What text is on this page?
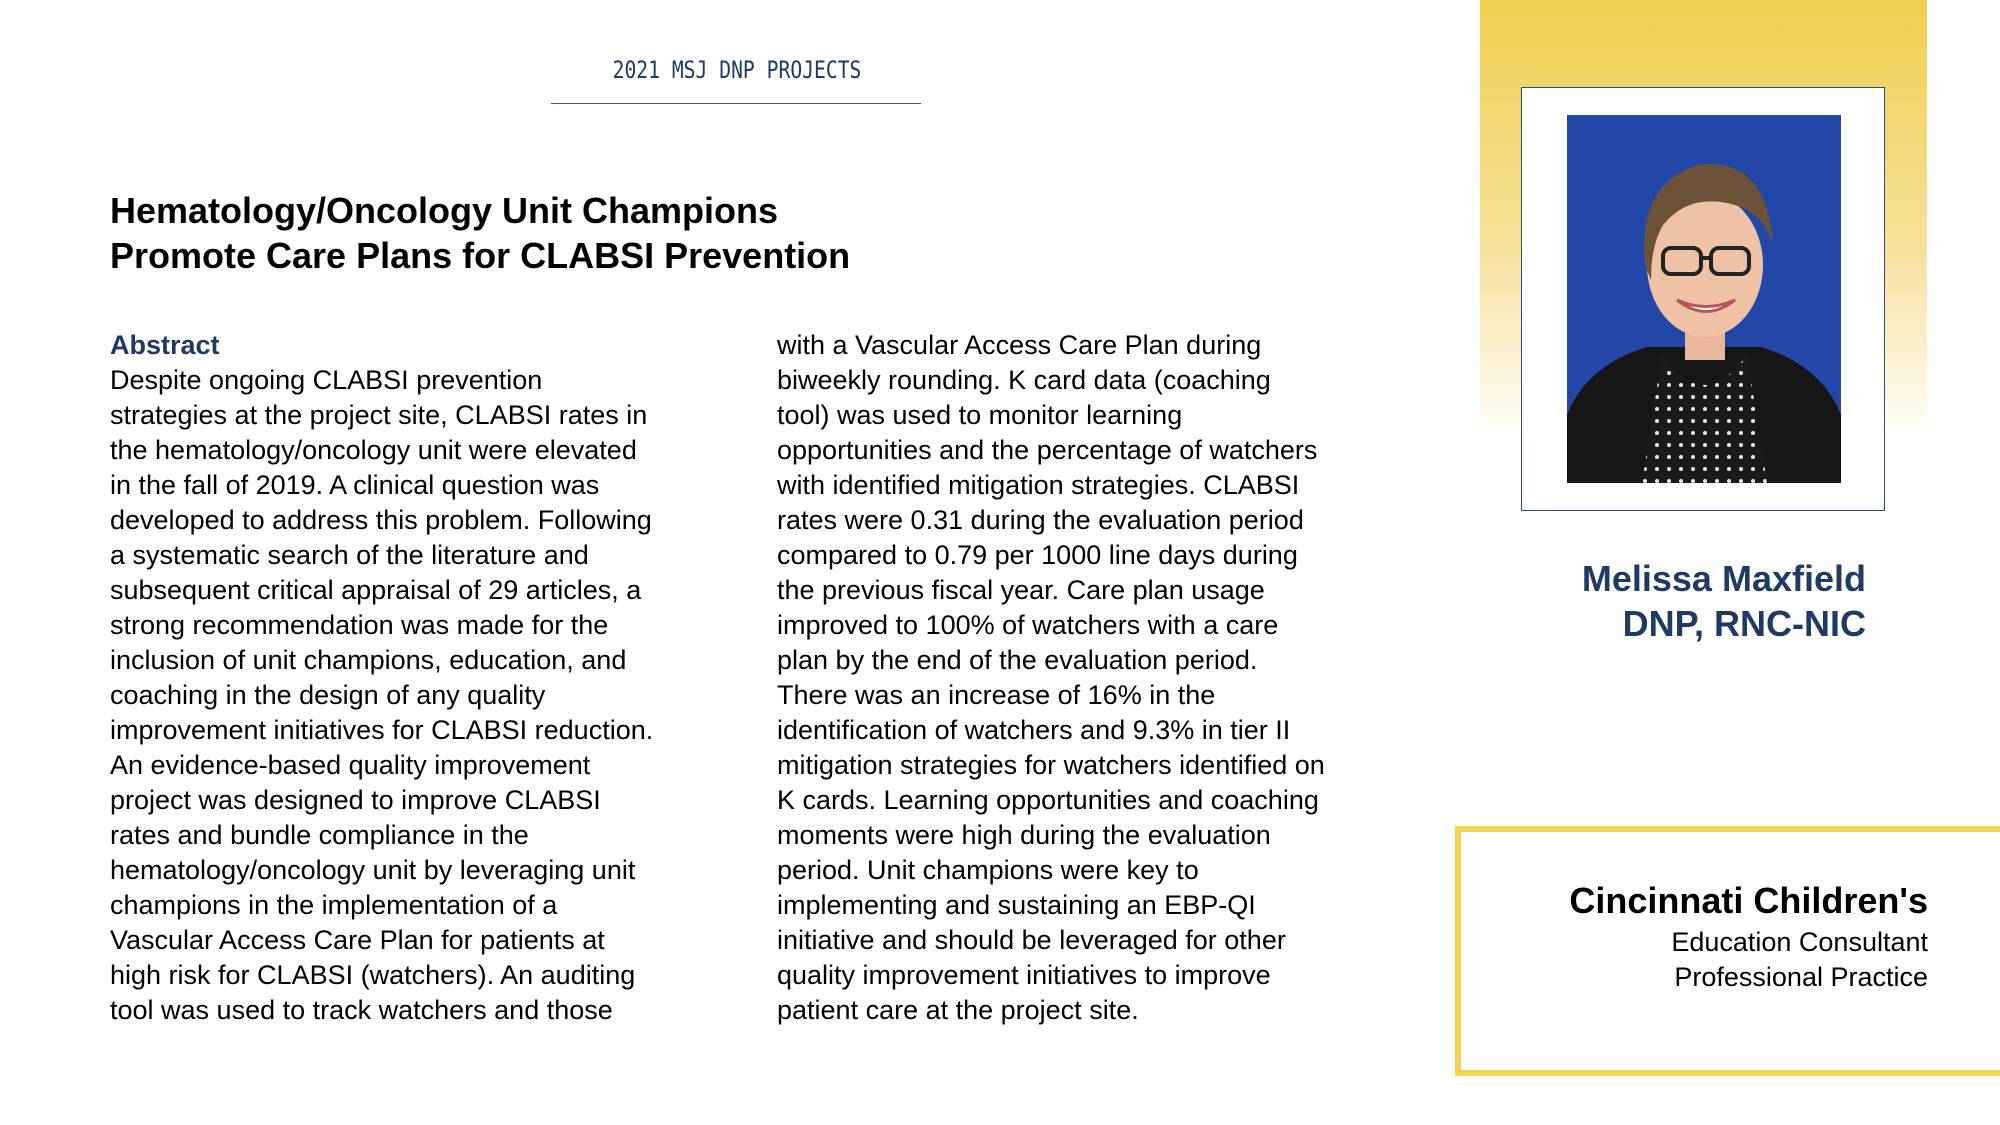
2021 MSJ DNP PROJECTS
Hematology/Oncology Unit Champions
Promote Care Plans for CLABSI Prevention
Abstract
Despite ongoing CLABSI prevention
strategies at the project site, CLABSI rates in
the hematology/oncology unit were elevated
in the fall of 2019. A clinical question was
developed to address this problem. Following
a systematic search of the literature and
subsequent critical appraisal of 29 articles, a
strong recommendation was made for the
inclusion of unit champions, education, and
coaching in the design of any quality
improvement initiatives for CLABSI reduction.
An evidence-based quality improvement
project was designed to improve CLABSI
rates and bundle compliance in the
hematology/oncology unit by leveraging unit
champions in the implementation of a
Vascular Access Care Plan for patients at
high risk for CLABSI (watchers). An auditing
tool was used to track watchers and those
with a Vascular Access Care Plan during
biweekly rounding. K card data (coaching
tool) was used to monitor learning
opportunities and the percentage of watchers
with identified mitigation strategies. CLABSI
rates were 0.31 during the evaluation period
compared to 0.79 per 1000 line days during
the previous fiscal year. Care plan usage
improved to 100% of watchers with a care
plan by the end of the evaluation period.
There was an increase of 16% in the
identification of watchers and 9.3% in tier II
mitigation strategies for watchers identified on
K cards. Learning opportunities and coaching
moments were high during the evaluation
period. Unit champions were key to
implementing and sustaining an EBP-QI
initiative and should be leveraged for other
quality improvement initiatives to improve
patient care at the project site.
Melissa Maxfield
DNP, RNC-NIC
Cincinnati Children's
Education Consultant
Professional Practice
